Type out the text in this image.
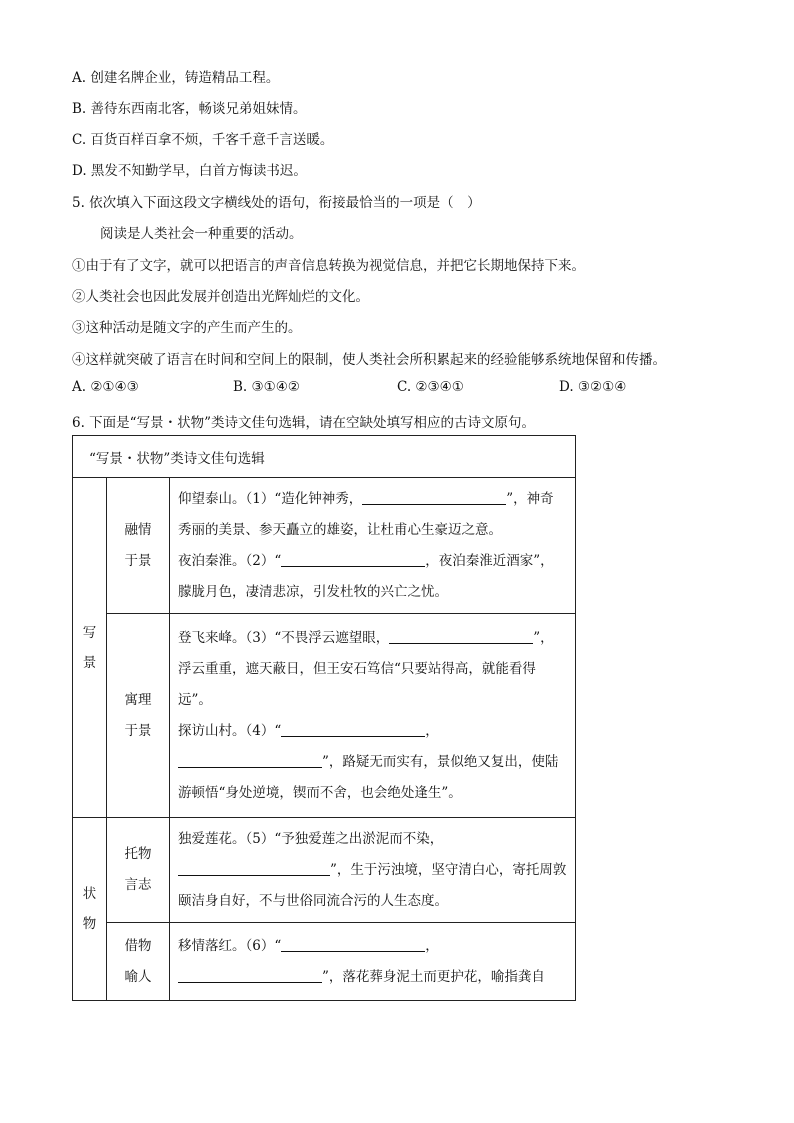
A. 创建名牌企业，铸造精品工程。
B. 善待东西南北客，畅谈兄弟姐妹情。
C. 百货百样百拿不烦，千客千意千言送暖。
D. 黑发不知勤学早，白首方悔读书迟。
5. 依次填入下面这段文字横线处的语句，衔接最恰当的一项是（　）
阅读是人类社会一种重要的活动。
①由于有了文字，就可以把语言的声音信息转换为视觉信息，并把它长期地保持下来。
②人类社会也因此发展并创造出光辉灿烂的文化。
③这种活动是随文字的产生而产生的。
④这样就突破了语言在时间和空间上的限制，使人类社会所积累起来的经验能够系统地保留和传播。
A. ②①④③	B. ③①④②	C. ②③④①	D. ③②①④
6. 下面是“写景・状物”类诗文佳句选辑，请在空缺处填写相应的古诗文原句。
“写景・状物”类诗文佳句选辑		
写景	融情于景	仰望泰山。（1）“造化钟神秀， ”，神奇秀丽的美景、参天矗立的雄姿，让杜甫心生豪迈之意。
夜泊秦淮。（2）“ ，夜泊秦淮近酒家”，朦胧月色，凄清悲凉，引发杜牧的兴亡之忧。

	寓理于景	登飞来峰。（3）“不畏浮云遮望眼， ”，浮云重重，遮天蔽日，但王安石笃信“只要站得高，就能看得远”。
探访山村。（4）“ ，”，路疑无而实有，景似绝又复出，使陆游顿悟“身处逆境，锲而不舍，也会绝处逢生”。

状物	托物言志	独爱莲花。（5）“予独爱莲之出淤泥而不染，”，生于污浊境，坚守清白心，寄托周敦颐洁身自好，不与世俗同流合污的人生态度。

	借物喻人	移情落红。（6）“ ，”，落花葬身泥土而更护花，喻指龚自
